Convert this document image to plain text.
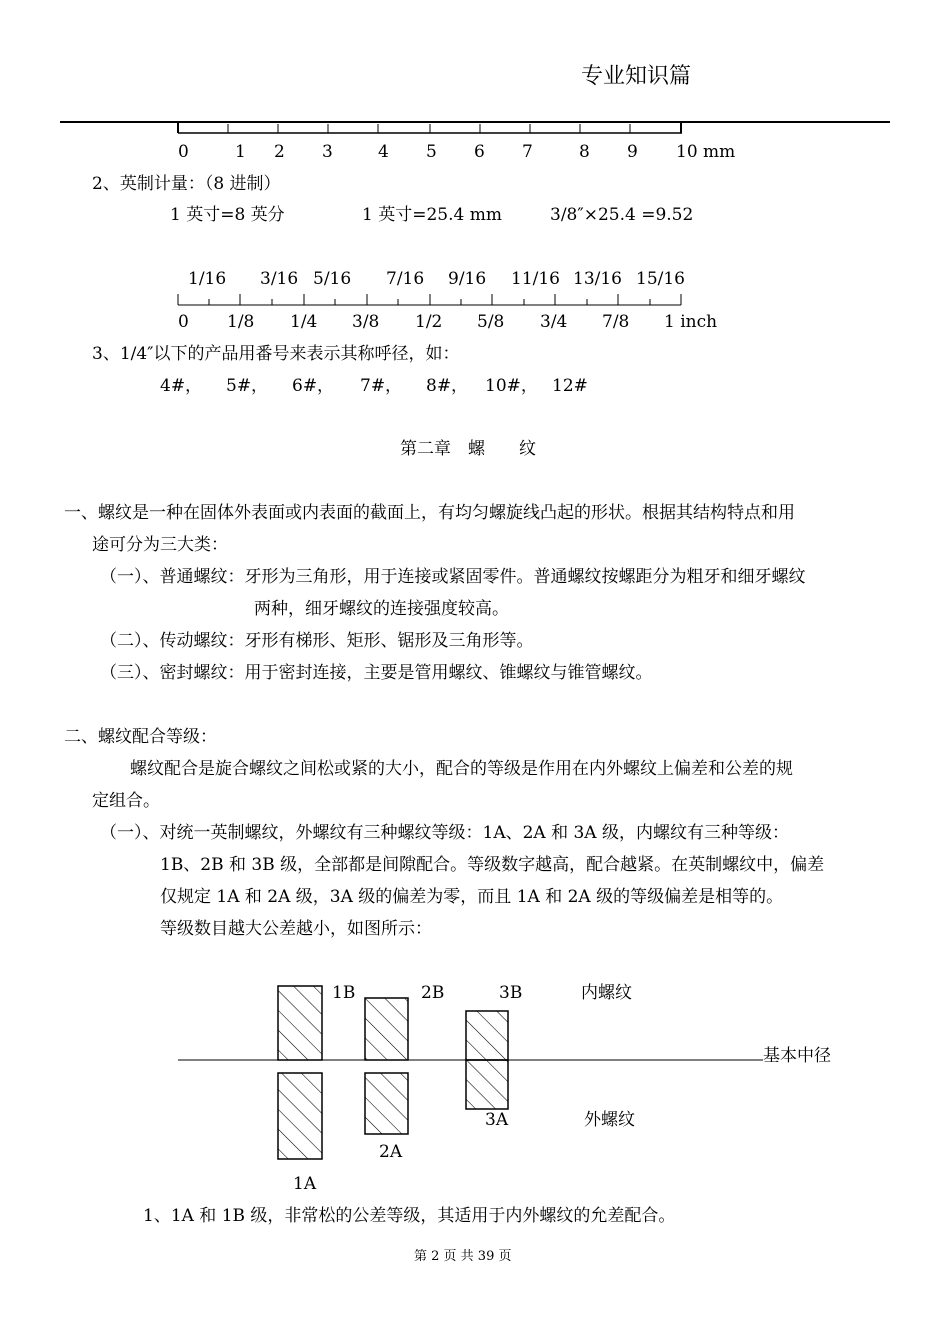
专业知识篇
0	1 2 3	4 5 6 7	8 9 10 mm
2、英制计量：（8 进制）
1 英寸=8 英分	1 英寸=25.4 mm	3/8″×25.4 =9.52
1/16 3/16 5/16 7/16 9/16 11/16 13/16 15/16
0 1/8 1/4 3/8 1/2 5/8 3/4 7/8 1 inch
3、1/4″以下的产品用番号来表示其称呼径，如：
4#， 5#， 6#， 7#， 8#， 10#， 12#
第二章　螺　　纹
一、螺纹是一种在固体外表面或内表面的截面上，有均匀螺旋线凸起的形状。根据其结构特点和用
途可分为三大类：
（一）、普通螺纹：牙形为三角形，用于连接或紧固零件。普通螺纹按螺距分为粗牙和细牙螺纹
两种，细牙螺纹的连接强度较高。
（二）、传动螺纹：牙形有梯形、矩形、锯形及三角形等。
（三）、密封螺纹：用于密封连接，主要是管用螺纹、锥螺纹与锥管螺纹。
二、螺纹配合等级：
螺纹配合是旋合螺纹之间松或紧的大小，配合的等级是作用在内外螺纹上偏差和公差的规
定组合。
（一）、对统一英制螺纹，外螺纹有三种螺纹等级：1A、2A 和 3A 级，内螺纹有三种等级：
1B、2B 和 3B 级，全部都是间隙配合。等级数字越高，配合越紧。在英制螺纹中，偏差
仅规定 1A 和 2A 级，3A 级的偏差为零，而且 1A 和 2A 级的等级偏差是相等的。
等级数目越大公差越小，如图所示：
1B	2B	3B	内螺纹
基本中径
3A	外螺纹
2A
1A
1、1A 和 1B 级，非常松的公差等级，其适用于内外螺纹的允差配合。
第 2 页 共 39 页
